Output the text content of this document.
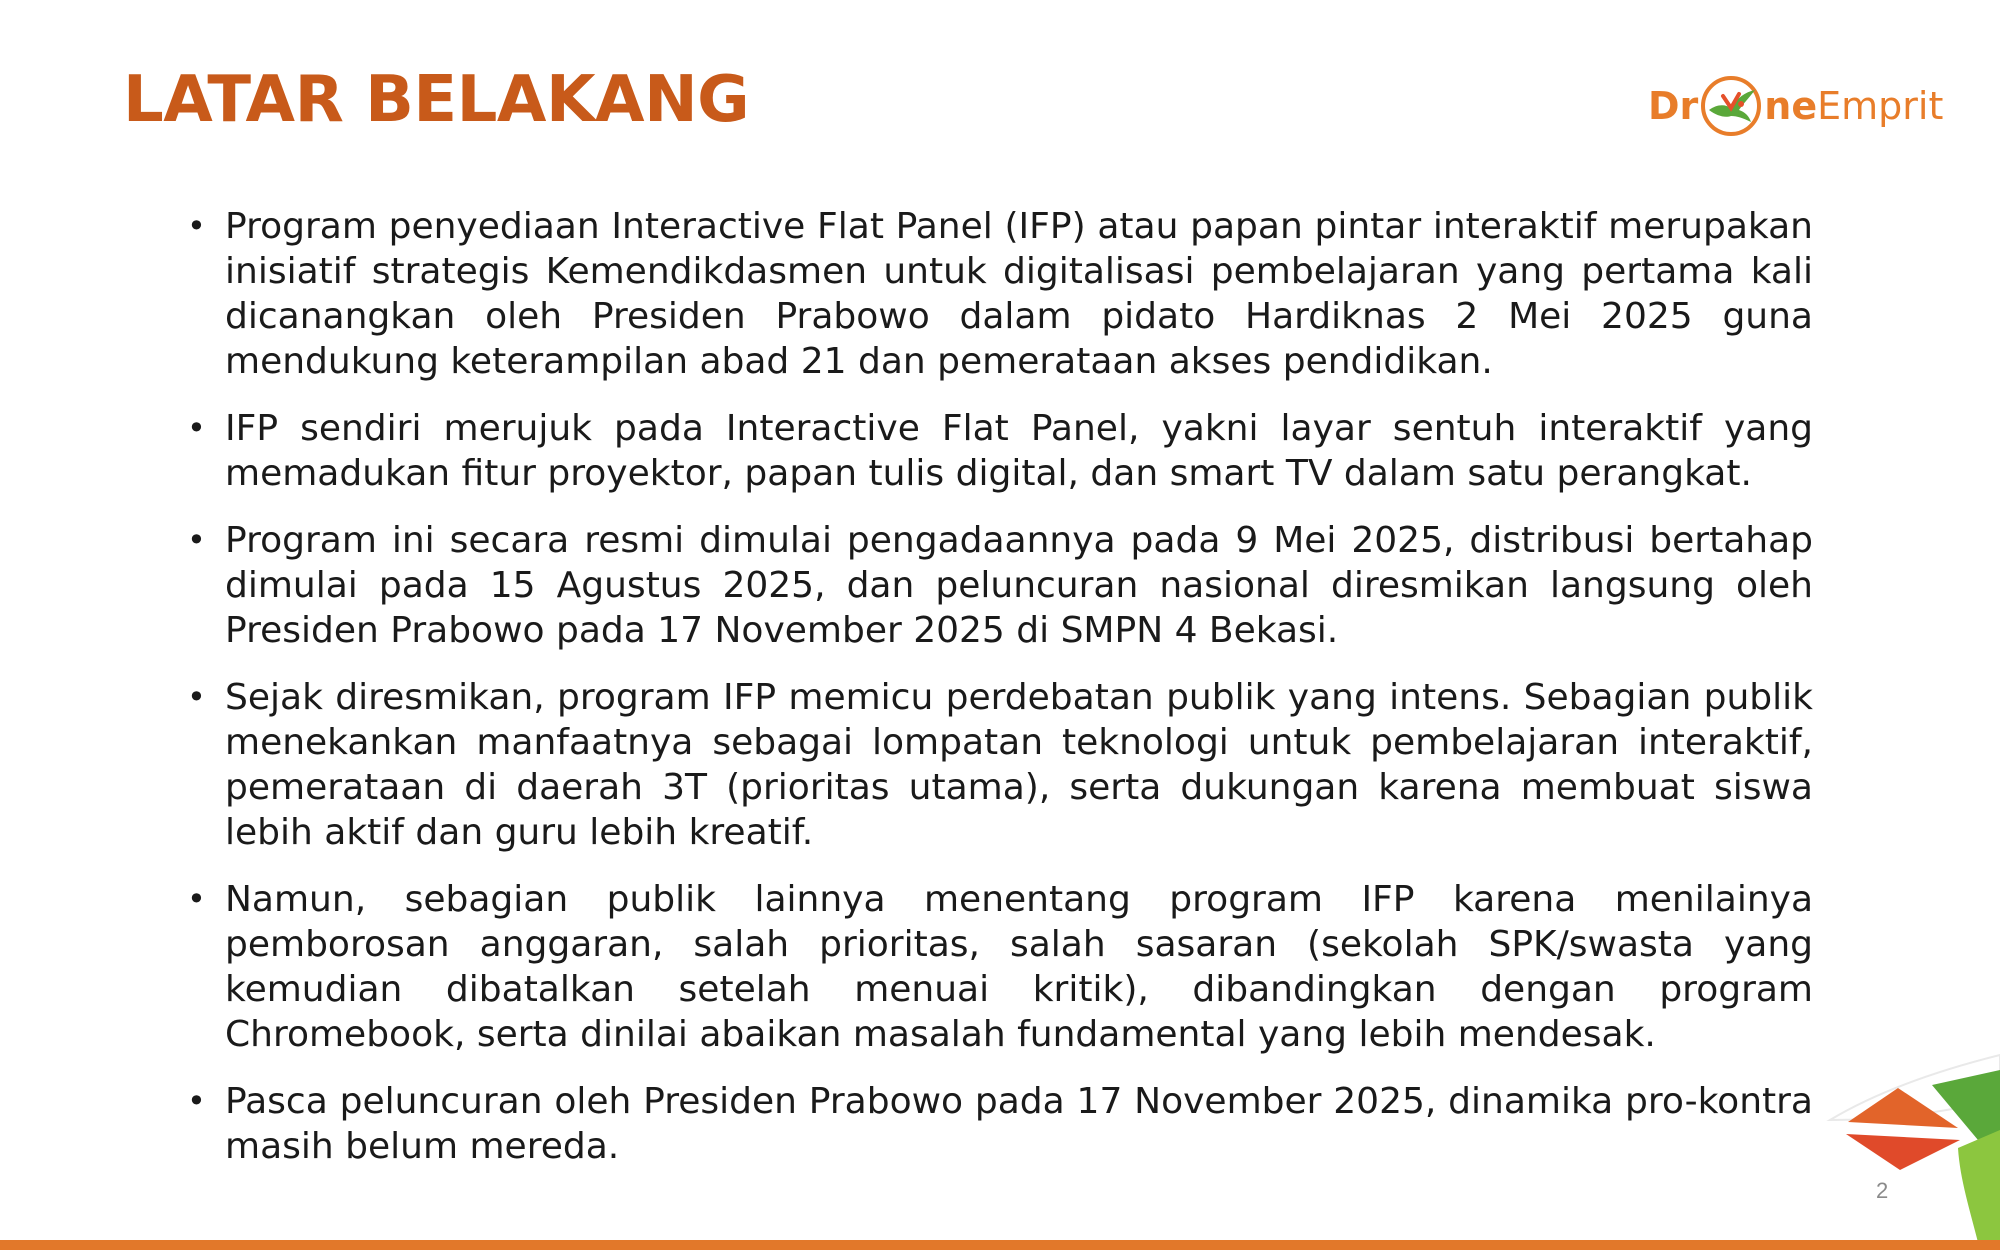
LATAR BELAKANG	Dr ne Emprit
• Program penyediaan Interactive Flat Panel (IFP) atau papan pintar interaktif merupakan inisiatif strategis Kemendikdasmen untuk digitalisasi pembelajaran yang pertama kali dicanangkan oleh Presiden Prabowo dalam pidato Hardiknas 2 Mei 2025 guna mendukung keterampilan abad 21 dan pemerataan akses pendidikan.
• IFP sendiri merujuk pada Interactive Flat Panel, yakni layar sentuh interaktif yang memadukan fitur proyektor, papan tulis digital, dan smart TV dalam satu perangkat.
• Program ini secara resmi dimulai pengadaannya pada 9 Mei 2025, distribusi bertahap dimulai pada 15 Agustus 2025, dan peluncuran nasional diresmikan langsung oleh Presiden Prabowo pada 17 November 2025 di SMPN 4 Bekasi.
• Sejak diresmikan, program IFP memicu perdebatan publik yang intens. Sebagian publik menekankan manfaatnya sebagai lompatan teknologi untuk pembelajaran interaktif, pemerataan di daerah 3T (prioritas utama), serta dukungan karena membuat siswa lebih aktif dan guru lebih kreatif.
• Namun, sebagian publik lainnya menentang program IFP karena menilainya pemborosan anggaran, salah prioritas, salah sasaran (sekolah SPK/swasta yang kemudian dibatalkan setelah menuai kritik), dibandingkan dengan program Chromebook, serta dinilai abaikan masalah fundamental yang lebih mendesak.
• Pasca peluncuran oleh Presiden Prabowo pada 17 November 2025, dinamika pro-kontra masih belum mereda.
2
